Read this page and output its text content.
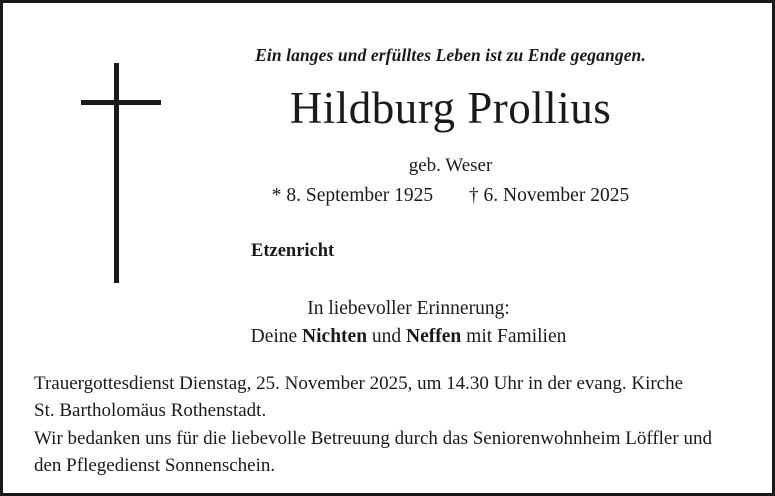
Ein langes und erfülltes Leben ist zu Ende gegangen.
Hildburg Prollius
geb. Weser
* 8. September 1925 † 6. November 2025
Etzenricht
In liebevoller Erinnerung:
Deine Nichten und Neffen mit Familien

Trauergottesdienst Dienstag, 25. November 2025, um 14.30 Uhr in der evang. Kirche

St. Bartholomäus Rothenstadt.

Wir bedanken uns für die liebevolle Betreuung durch das Seniorenwohnheim Löffler und

den Pflegedienst Sonnenschein.
